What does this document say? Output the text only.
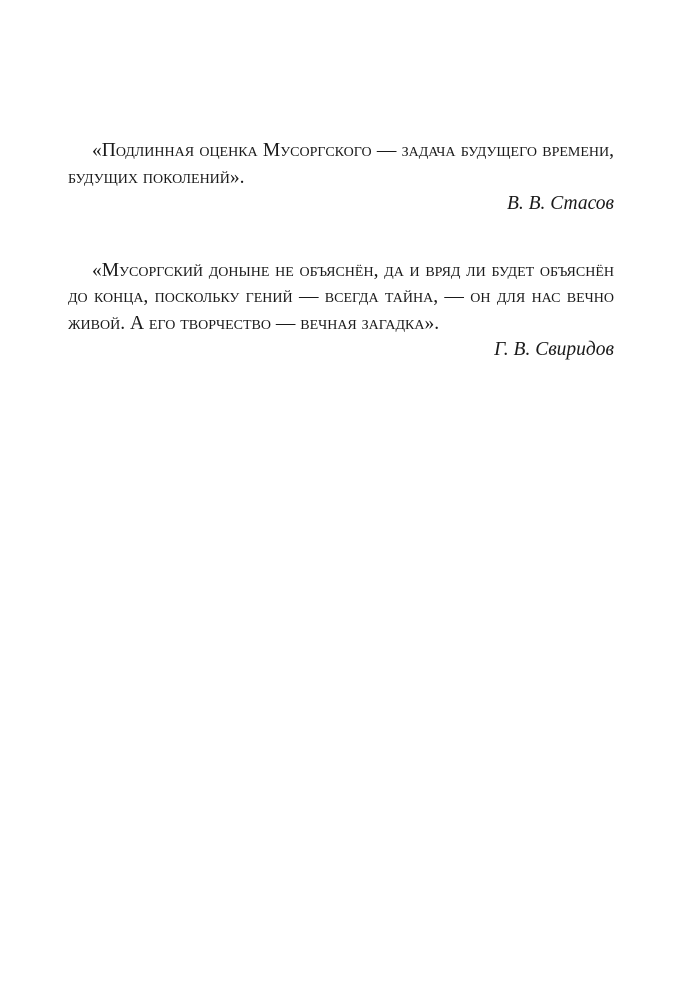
«Подлинная оценка Мусоргского — задача будущего времени, будущих поколений».

В. В. Стасов

«Мусоргский доныне не объяснён, да и вряд ли будет объяснён до конца, поскольку гений — всегда тайна, — он для нас вечно живой. А его творчество — вечная загадка».

Г. В. Свиридов
